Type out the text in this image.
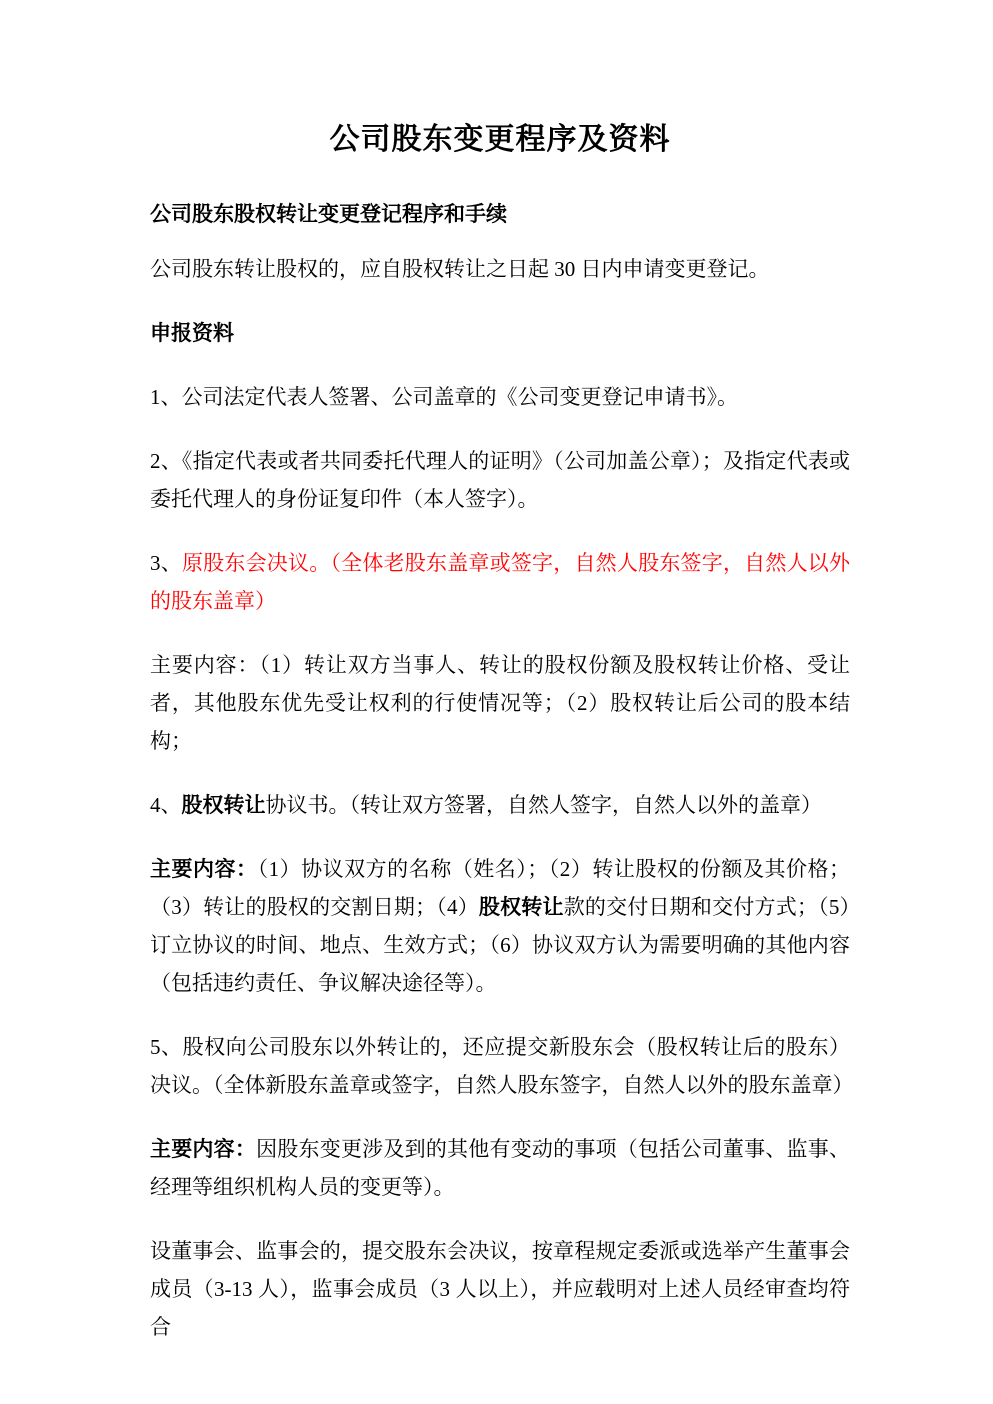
公司股东变更程序及资料

公司股东股权转让变更登记程序和手续

公司股东转让股权的，应自股权转让之日起 30 日内申请变更登记。

申报资料

1、公司法定代表人签署、公司盖章的《公司变更登记申请书》。

2、《指定代表或者共同委托代理人的证明》（公司加盖公章）；及指定代表或委托代理人的身份证复印件（本人签字）。

3、原股东会决议。（全体老股东盖章或签字，自然人股东签字，自然人以外的股东盖章）

主要内容：（1）转让双方当事人、转让的股权份额及股权转让价格、受让者，其他股东优先受让权利的行使情况等；（2）股权转让后公司的股本结构；

4、股权转让协议书。（转让双方签署，自然人签字，自然人以外的盖章）

主要内容：（1）协议双方的名称（姓名）；（2）转让股权的份额及其价格；（3）转让的股权的交割日期；（4）股权转让款的交付日期和交付方式；（5）订立协议的时间、地点、生效方式；（6）协议双方认为需要明确的其他内容（包括违约责任、争议解决途径等）。

5、股权向公司股东以外转让的，还应提交新股东会（股权转让后的股东）决议。（全体新股东盖章或签字，自然人股东签字，自然人以外的股东盖章）

主要内容：因股东变更涉及到的其他有变动的事项（包括公司董事、监事、经理等组织机构人员的变更等）。

设董事会、监事会的，提交股东会决议，按章程规定委派或选举产生董事会成员（3-13 人），监事会成员（3 人以上），并应载明对上述人员经审查均符合
